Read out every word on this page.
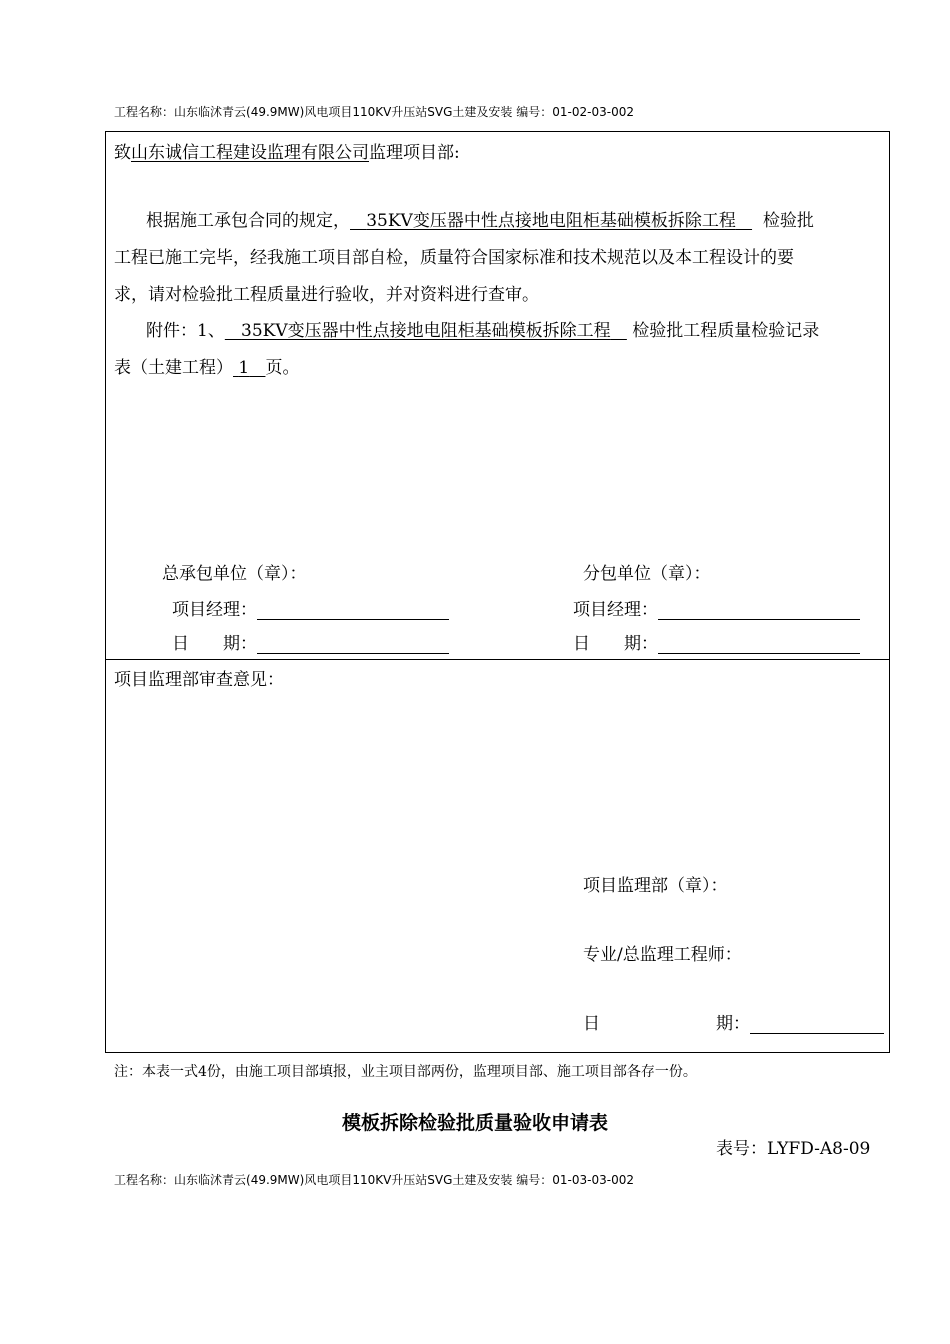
工程名称：山东临沭青云(49.9MW)风电项目110KV升压站SVG土建及安装 编号：01-02-03-002
致山东诚信工程建设监理有限公司监理项目部:
根据施工承包合同的规定， 35KV变压器中性点接地电阻柜基础模板拆除工程 检验批
工程已施工完毕，经我施工项目部自检，质量符合国家标准和技术规范以及本工程设计的要
求，请对检验批工程质量进行验收，并对资料进行查审。
附件：1、 35KV变压器中性点接地电阻柜基础模板拆除工程 检验批工程质量检验记录
表（土建工程） 1 页。
总承包单位（章）：	分包单位（章）：
项目经理：	项目经理：
日　　期：	日　　期：
项目监理部审查意见：
项目监理部（章）：
专业/总监理工程师：
日	期：
注：本表一式4份，由施工项目部填报，业主项目部两份，监理项目部、施工项目部各存一份。
模板拆除检验批质量验收申请表
表号：LYFD-A8-09
工程名称：山东临沭青云(49.9MW)风电项目110KV升压站SVG土建及安装 编号：01-03-03-002
